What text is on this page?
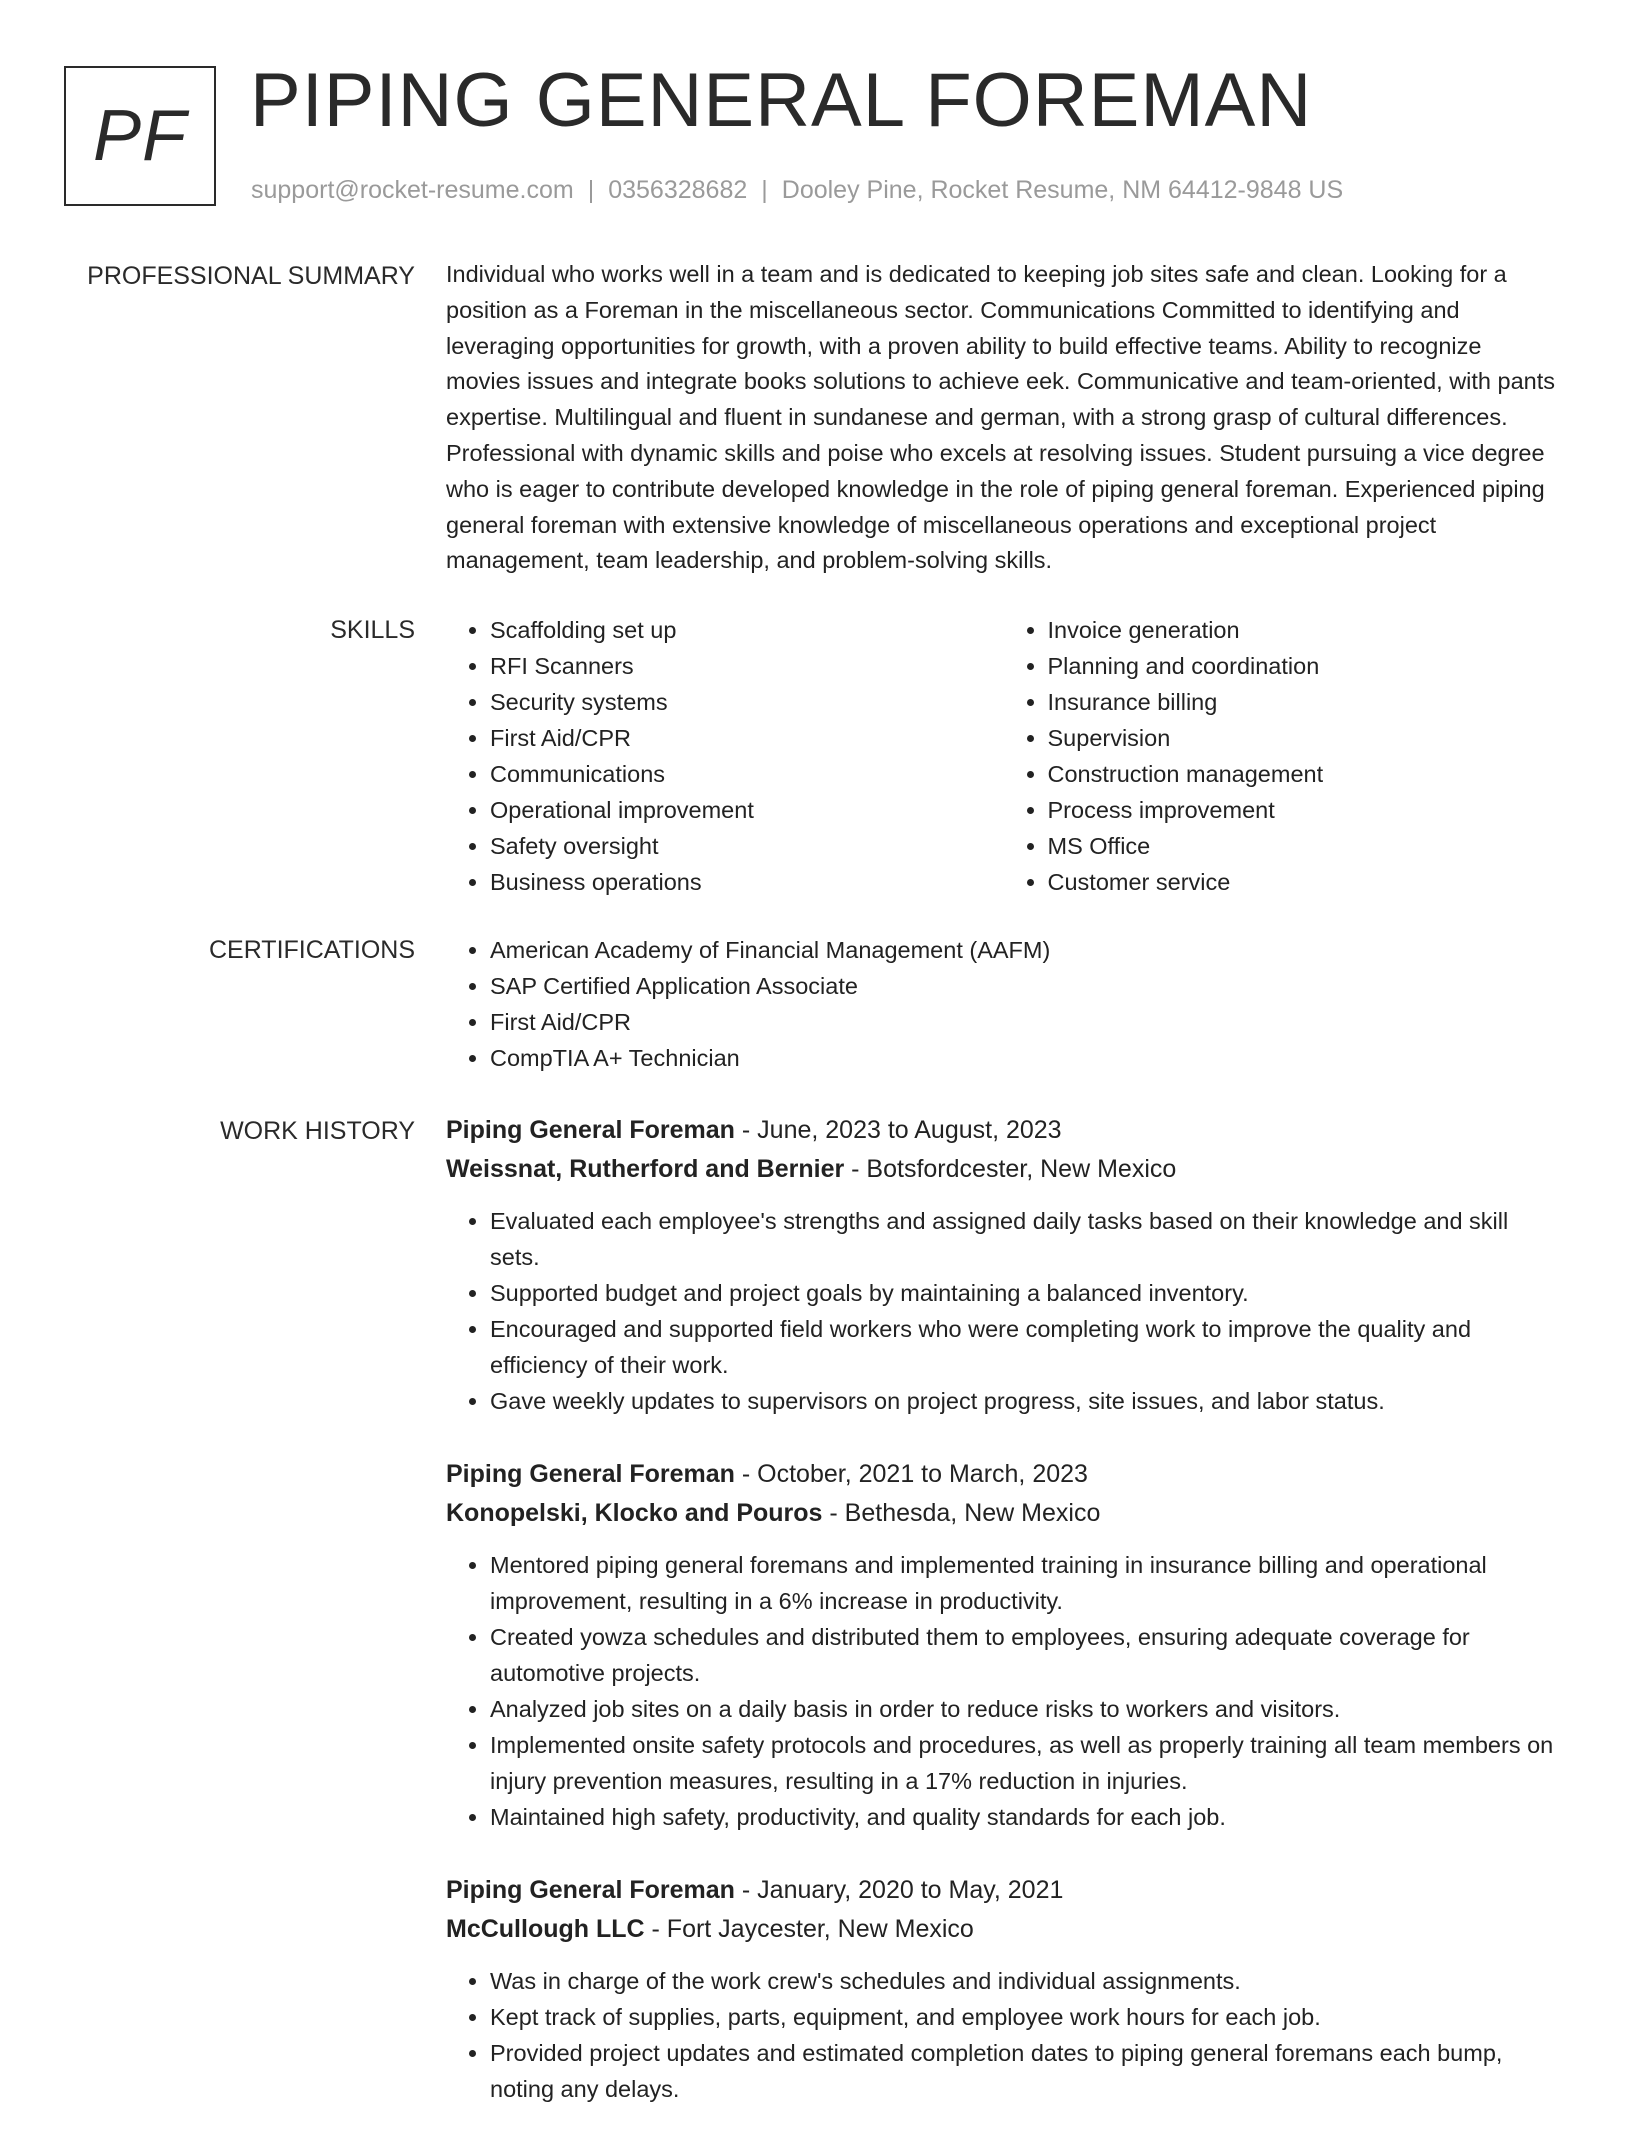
PF PIPING GENERAL FOREMAN
support@rocket-resume.com | 0356328682 | Dooley Pine, Rocket Resume, NM 64412-9848 US
PROFESSIONAL SUMMARY Individual who works well in a team and is dedicated to keeping job sites safe and clean. Looking for a position as a Foreman in the miscellaneous sector. Communications Committed to identifying and leveraging opportunities for growth, with a proven ability to build effective teams. Ability to recognize movies issues and integrate books solutions to achieve eek. Communicative and team-oriented, with pants expertise. Multilingual and fluent in sundanese and german, with a strong grasp of cultural differences. Professional with dynamic skills and poise who excels at resolving issues. Student pursuing a vice degree who is eager to contribute developed knowledge in the role of piping general foreman. Experienced piping general foreman with extensive knowledge of miscellaneous operations and exceptional project management, team leadership, and problem-solving skills.

SKILLS	• Scaffolding set up
• RFI Scanners
• Security systems
• First Aid/CPR
• Communications
• Operational improvement
• Safety oversight
• Business operations
• Invoice generation
• Planning and coordination
• Insurance billing
• Supervision
• Construction management
• Process improvement
• MS Office
• Customer service
CERTIFICATIONS	• American Academy of Financial Management (AAFM)
• SAP Certified Application Associate
• First Aid/CPR
• CompTIA A+ Technician
WORK HISTORY Piping General Foreman - June, 2023 to August, 2023
Weissnat, Rutherford and Bernier - Botsfordcester, New Mexico
• Evaluated each employee's strengths and assigned daily tasks based on their knowledge and skill sets.
• Supported budget and project goals by maintaining a balanced inventory.
• Encouraged and supported field workers who were completing work to improve the quality and efficiency of their work.
• Gave weekly updates to supervisors on project progress, site issues, and labor status.
Piping General Foreman - October, 2021 to March, 2023
Konopelski, Klocko and Pouros - Bethesda, New Mexico
• Mentored piping general foremans and implemented training in insurance billing and operational improvement, resulting in a 6% increase in productivity.
• Created yowza schedules and distributed them to employees, ensuring adequate coverage for automotive projects.
• Analyzed job sites on a daily basis in order to reduce risks to workers and visitors.
• Implemented onsite safety protocols and procedures, as well as properly training all team members on injury prevention measures, resulting in a 17% reduction in injuries.
• Maintained high safety, productivity, and quality standards for each job.
Piping General Foreman - January, 2020 to May, 2021
McCullough LLC - Fort Jaycester, New Mexico
• Was in charge of the work crew's schedules and individual assignments.
• Kept track of supplies, parts, equipment, and employee work hours for each job.
• Provided project updates and estimated completion dates to piping general foremans each bump, noting any delays.
